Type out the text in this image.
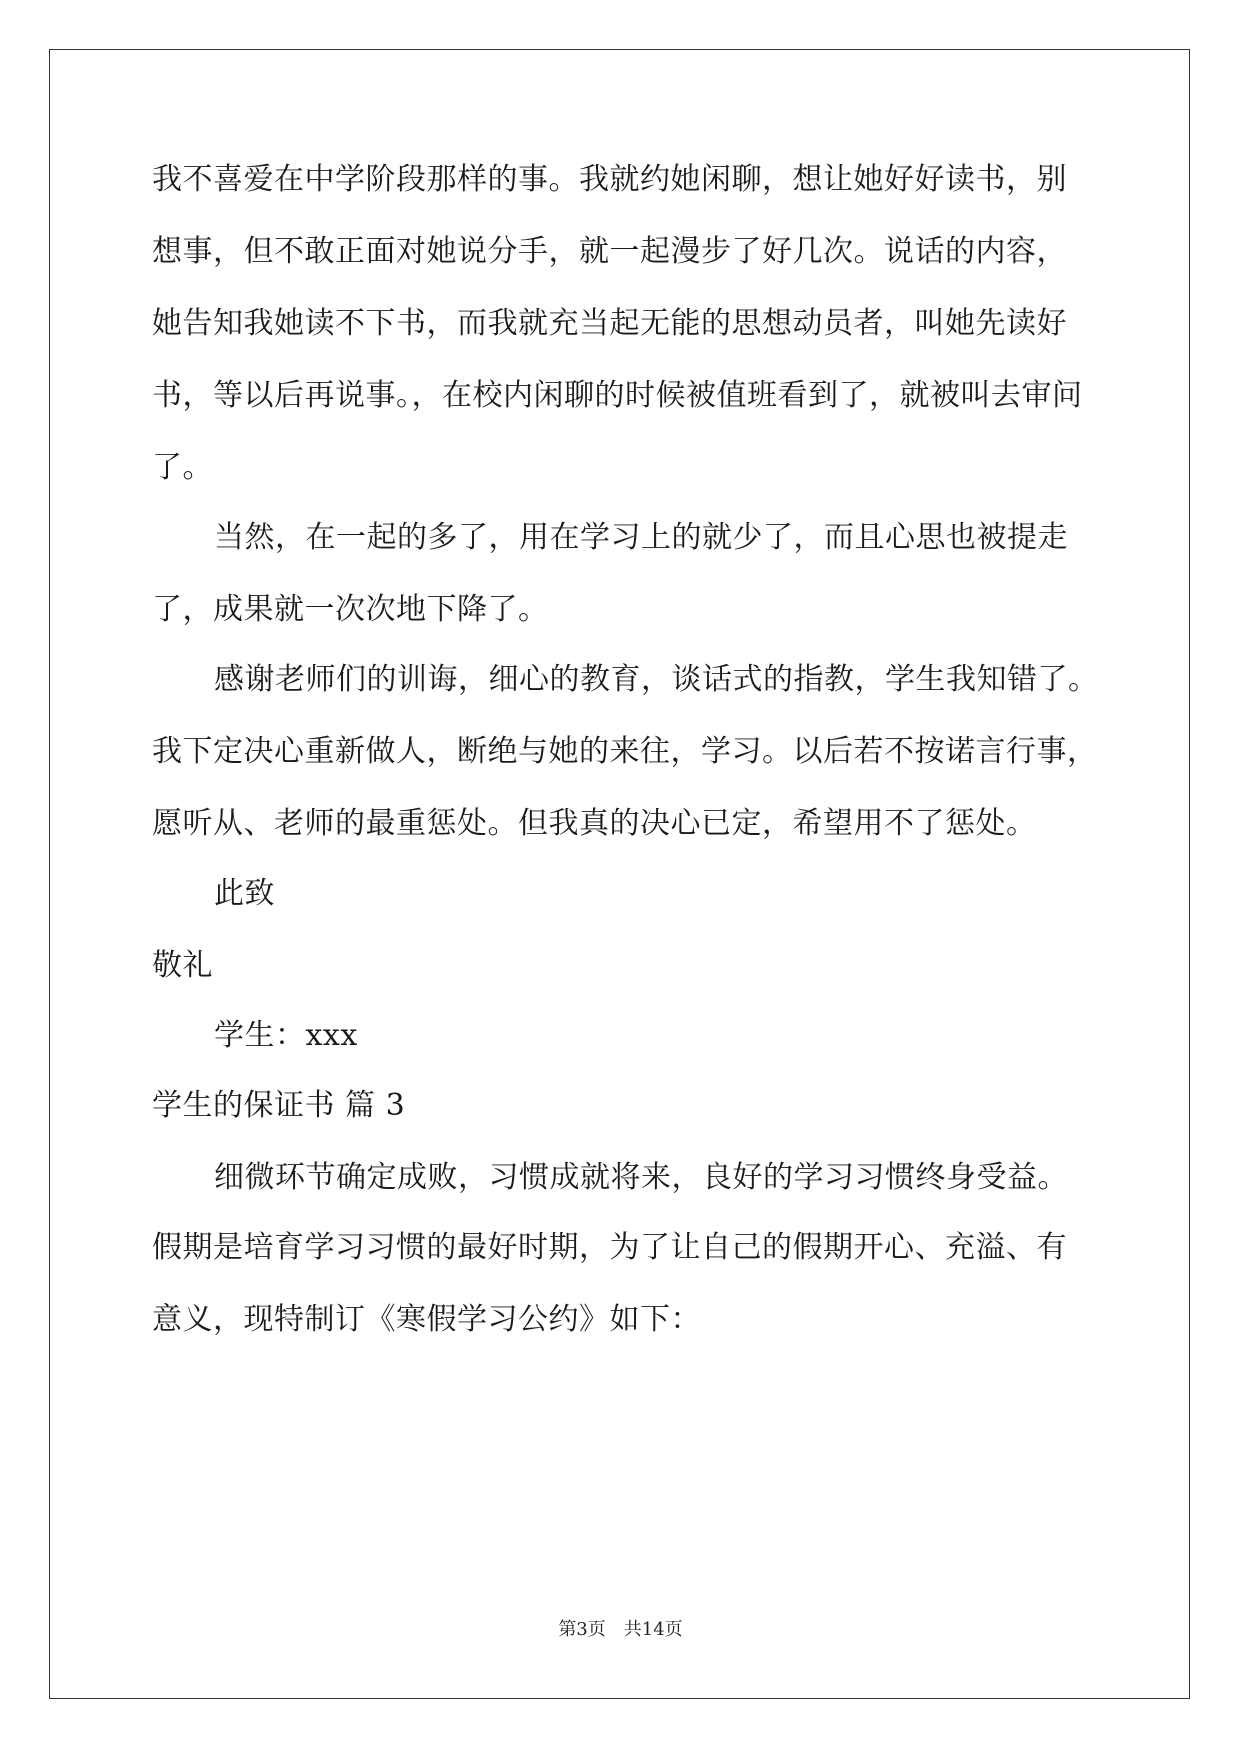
我不喜爱在中学阶段那样的事。我就约她闲聊，想让她好好读书，别
想事，但不敢正面对她说分手，就一起漫步了好几次。说话的内容，
她告知我她读不下书，而我就充当起无能的思想动员者，叫她先读好
书，等以后再说事。，在校内闲聊的时候被值班看到了，就被叫去审问
了。
当然，在一起的多了，用在学习上的就少了，而且心思也被提走
了，成果就一次次地下降了。
感谢老师们的训诲，细心的教育，谈话式的指教，学生我知错了。
我下定决心重新做人，断绝与她的来往，学习。以后若不按诺言行事，
愿听从、老师的最重惩处。但我真的决心已定，希望用不了惩处。
此致
敬礼
学生：xxx
学生的保证书 篇 3
细微环节确定成败，习惯成就将来，良好的学习习惯终身受益。
假期是培育学习习惯的最好时期，为了让自己的假期开心、充溢、有
意义，现特制订《寒假学习公约》如下：
第3页　共14页
